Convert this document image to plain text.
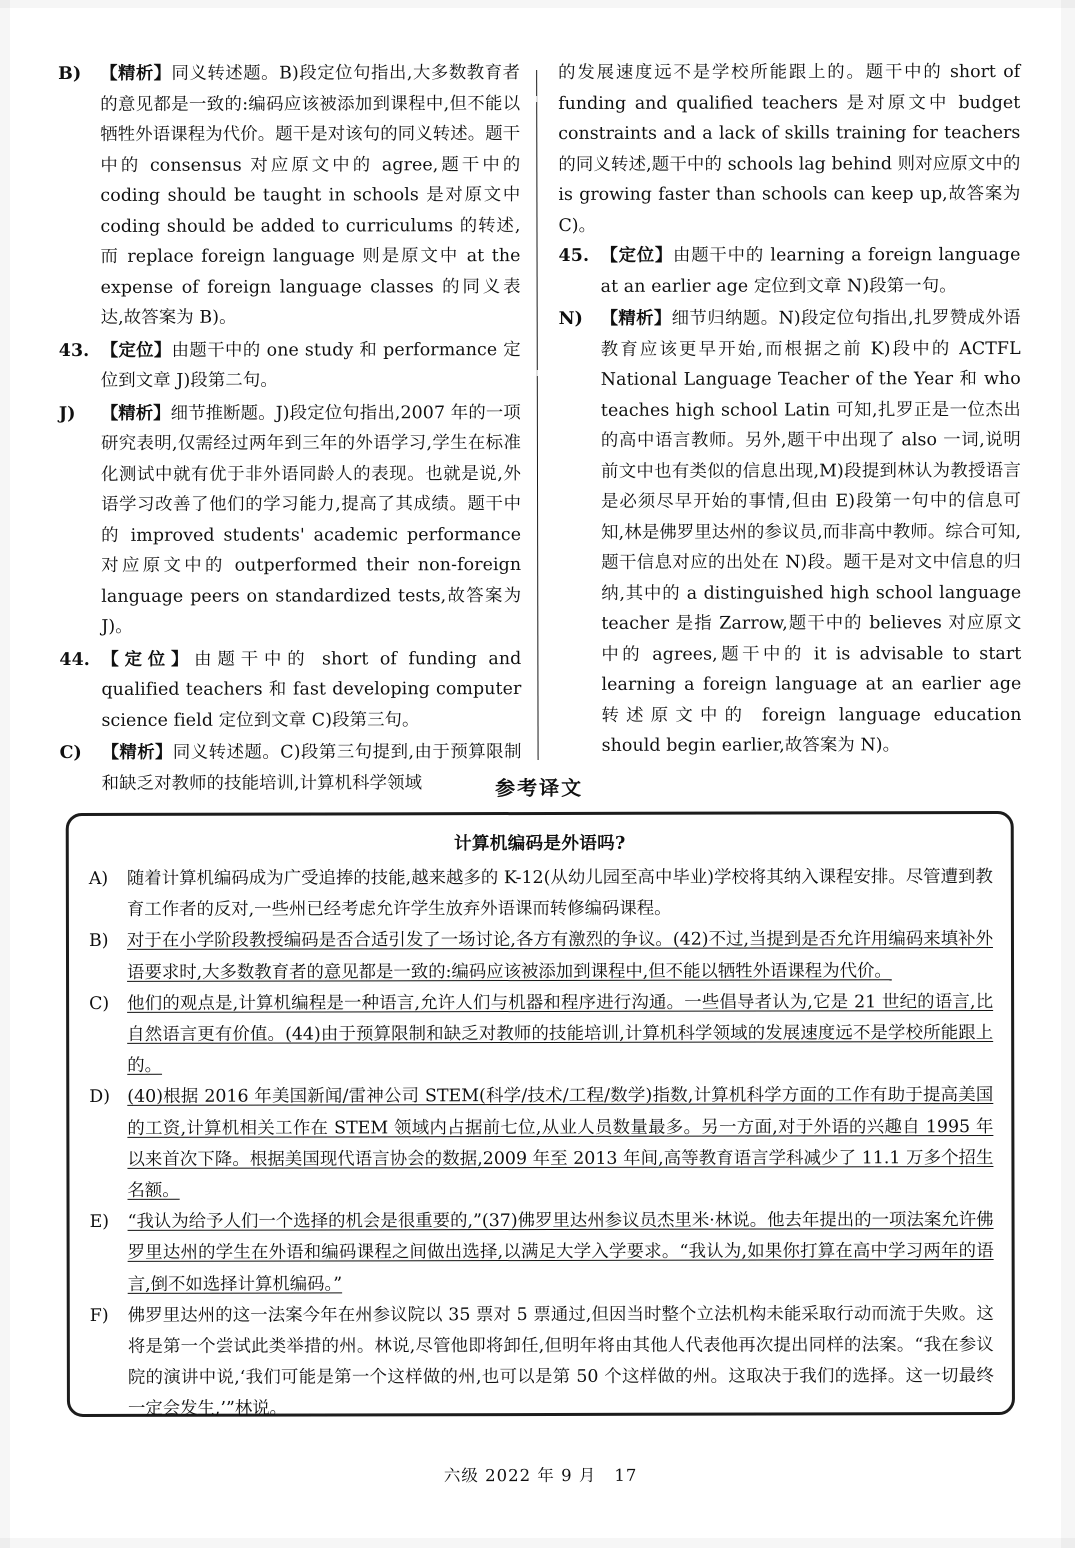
B)	【精析】同义转述题。B)段定位句指出,大多数教育者的意见都是一致的:编码应该被添加到课程中,但不能以牺牲外语课程为代价。题干是对该句的同义转述。题干中的 consensus 对应原文中的 agree,题干中的 coding should be taught in schools 是对原文中 coding should be added to curriculums 的转述,而 replace foreign language 则是原文中 at the expense of foreign language classes 的同义表达,故答案为 B)。
43. 【定位】由题干中的 one study 和 performance 定位到文章 J)段第二句。
J)	【精析】细节推断题。J)段定位句指出,2007 年的一项研究表明,仅需经过两年到三年的外语学习,学生在标准化测试中就有优于非外语同龄人的表现。也就是说,外语学习改善了他们的学习能力,提高了其成绩。题干中的 improved students' academic performance 对应原文中的 outperformed their non-foreign language peers on standardized tests,故答案为 J)。
44. 【定位】由题干中的 short of funding and qualified teachers 和 fast developing computer science field 定位到文章 C)段第三句。
C)	【精析】同义转述题。C)段第三句提到,由于预算限制和缺乏对教师的技能培训,计算机科学领域
的发展速度远不是学校所能跟上的。题干中的 short of funding and qualified teachers 是对原文中 budget constraints and a lack of skills training for teachers 的同义转述,题干中的 schools lag behind 则对应原文中的 is growing faster than schools can keep up,故答案为 C)。
45. 【定位】由题干中的 learning a foreign language at an earlier age 定位到文章 N)段第一句。
N)	【精析】细节归纳题。N)段定位句指出,扎罗赞成外语教育应该更早开始,而根据之前 K)段中的 ACTFL National Language Teacher of the Year 和 who teaches high school Latin 可知,扎罗正是一位杰出的高中语言教师。另外,题干中出现了 also 一词,说明前文中也有类似的信息出现,M)段提到林认为教授语言是必须尽早开始的事情,但由 E)段第一句中的信息可知,林是佛罗里达州的参议员,而非高中教师。综合可知,题干信息对应的出处在 N)段。题干是对文中信息的归纳,其中的 a distinguished high school language teacher 是指 Zarrow,题干中的 believes 对应原文中的 agrees,题干中的 it is advisable to start learning a foreign language at an earlier age 转述原文中的 foreign language education should begin earlier,故答案为 N)。
参考译文
计算机编码是外语吗?
A)	随着计算机编码成为广受追捧的技能,越来越多的 K-12(从幼儿园至高中毕业)学校将其纳入课程安排。尽管遭到教育工作者的反对,一些州已经考虑允许学生放弃外语课而转修编码课程。
B)	对于在小学阶段教授编码是否合适引发了一场讨论,各方有激烈的争议。(42)不过,当提到是否允许用编码来填补外语要求时,大多数教育者的意见都是一致的:编码应该被添加到课程中,但不能以牺牲外语课程为代价。
C)	他们的观点是,计算机编程是一种语言,允许人们与机器和程序进行沟通。一些倡导者认为,它是 21 世纪的语言,比自然语言更有价值。(44)由于预算限制和缺乏对教师的技能培训,计算机科学领域的发展速度远不是学校所能跟上的。
D) (40)根据 2016 年美国新闻/雷神公司 STEM(科学/技术/工程/数学)指数,计算机科学方面的工作有助于提高美国的工资,计算机相关工作在 STEM 领域内占据前七位,从业人员数量最多。另一方面,对于外语的兴趣自 1995 年以来首次下降。根据美国现代语言协会的数据,2009 年至 2013 年间,高等教育语言学科减少了 11.1 万多个招生名额。
E)	“我认为给予人们一个选择的机会是很重要的,”(37)佛罗里达州参议员杰里米·林说。他去年提出的一项法案允许佛罗里达州的学生在外语和编码课程之间做出选择,以满足大学入学要求。“我认为,如果你打算在高中学习两年的语言,倒不如选择计算机编码。”
F)	佛罗里达州的这一法案今年在州参议院以 35 票对 5 票通过,但因当时整个立法机构未能采取行动而流于失败。这将是第一个尝试此类举措的州。林说,尽管他即将卸任,但明年将由其他人代表他再次提出同样的法案。“我在参议院的演讲中说,‘我们可能是第一个这样做的州,也可以是第 50 个这样做的州。这取决于我们的选择。这一切最终一定会发生,’”林说。
六级 2022 年 9 月 17
